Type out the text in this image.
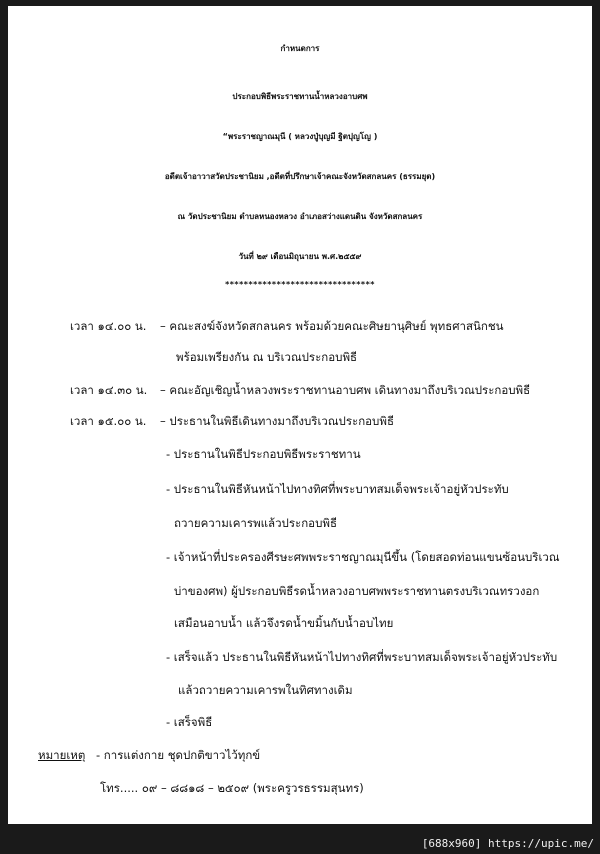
กำหนดการ
ประกอบพิธีพระราชทานน้ำหลวงอาบศพ
“พระราชญาณมุนี ( หลวงปู่บุญมี ฐิตปุญโญ )
อดีตเจ้าอาวาสวัดประชานิยม ,อดีตที่ปรึกษาเจ้าคณะจังหวัดสกลนคร (ธรรมยุต)
ณ วัดประชานิยม ตำบลหนองหลวง อำเภอสว่างแดนดิน จังหวัดสกลนคร
วันที่ ๒๙ เดือนมิถุนายน พ.ศ.๒๕๕๙
********************************
เวลา ๑๔.๐๐ น. – คณะสงฆ์จังหวัดสกลนคร พร้อมด้วยคณะศิษยานุศิษย์ พุทธศาสนิกชน
พร้อมเพรียงกัน ณ บริเวณประกอบพิธี
เวลา ๑๔.๓๐ น. – คณะอัญเชิญน้ำหลวงพระราชทานอาบศพ เดินทางมาถึงบริเวณประกอบพิธี
เวลา ๑๕.๐๐ น. – ประธานในพิธีเดินทางมาถึงบริเวณประกอบพิธี
- ประธานในพิธีประกอบพิธีพระราชทาน
- ประธานในพิธีหันหน้าไปทางทิศที่พระบาทสมเด็จพระเจ้าอยู่หัวประทับ
ถวายความเคารพแล้วประกอบพิธี
- เจ้าหน้าที่ประครองศีรษะศพพระราชญาณมุนีขึ้น (โดยสอดท่อนแขนซ้อนบริเวณ
บ่าของศพ) ผู้ประกอบพิธีรดน้ำหลวงอาบศพพระราชทานตรงบริเวณทรวงอก
เสมือนอาบน้ำ แล้วจึงรดน้ำขมิ้นกับน้ำอบไทย
- เสร็จแล้ว ประธานในพิธีหันหน้าไปทางทิศที่พระบาทสมเด็จพระเจ้าอยู่หัวประทับ
แล้วถวายความเคารพในทิศทางเดิม
- เสร็จพิธี
หมายเหตุ - การแต่งกาย ชุดปกติขาวไว้ทุกข์
โทร..... ๐๙ – ๘๘๑๘ – ๒๕๐๙ (พระครูวรธรรมสุนทร)
[688x960] https://upic.me/
